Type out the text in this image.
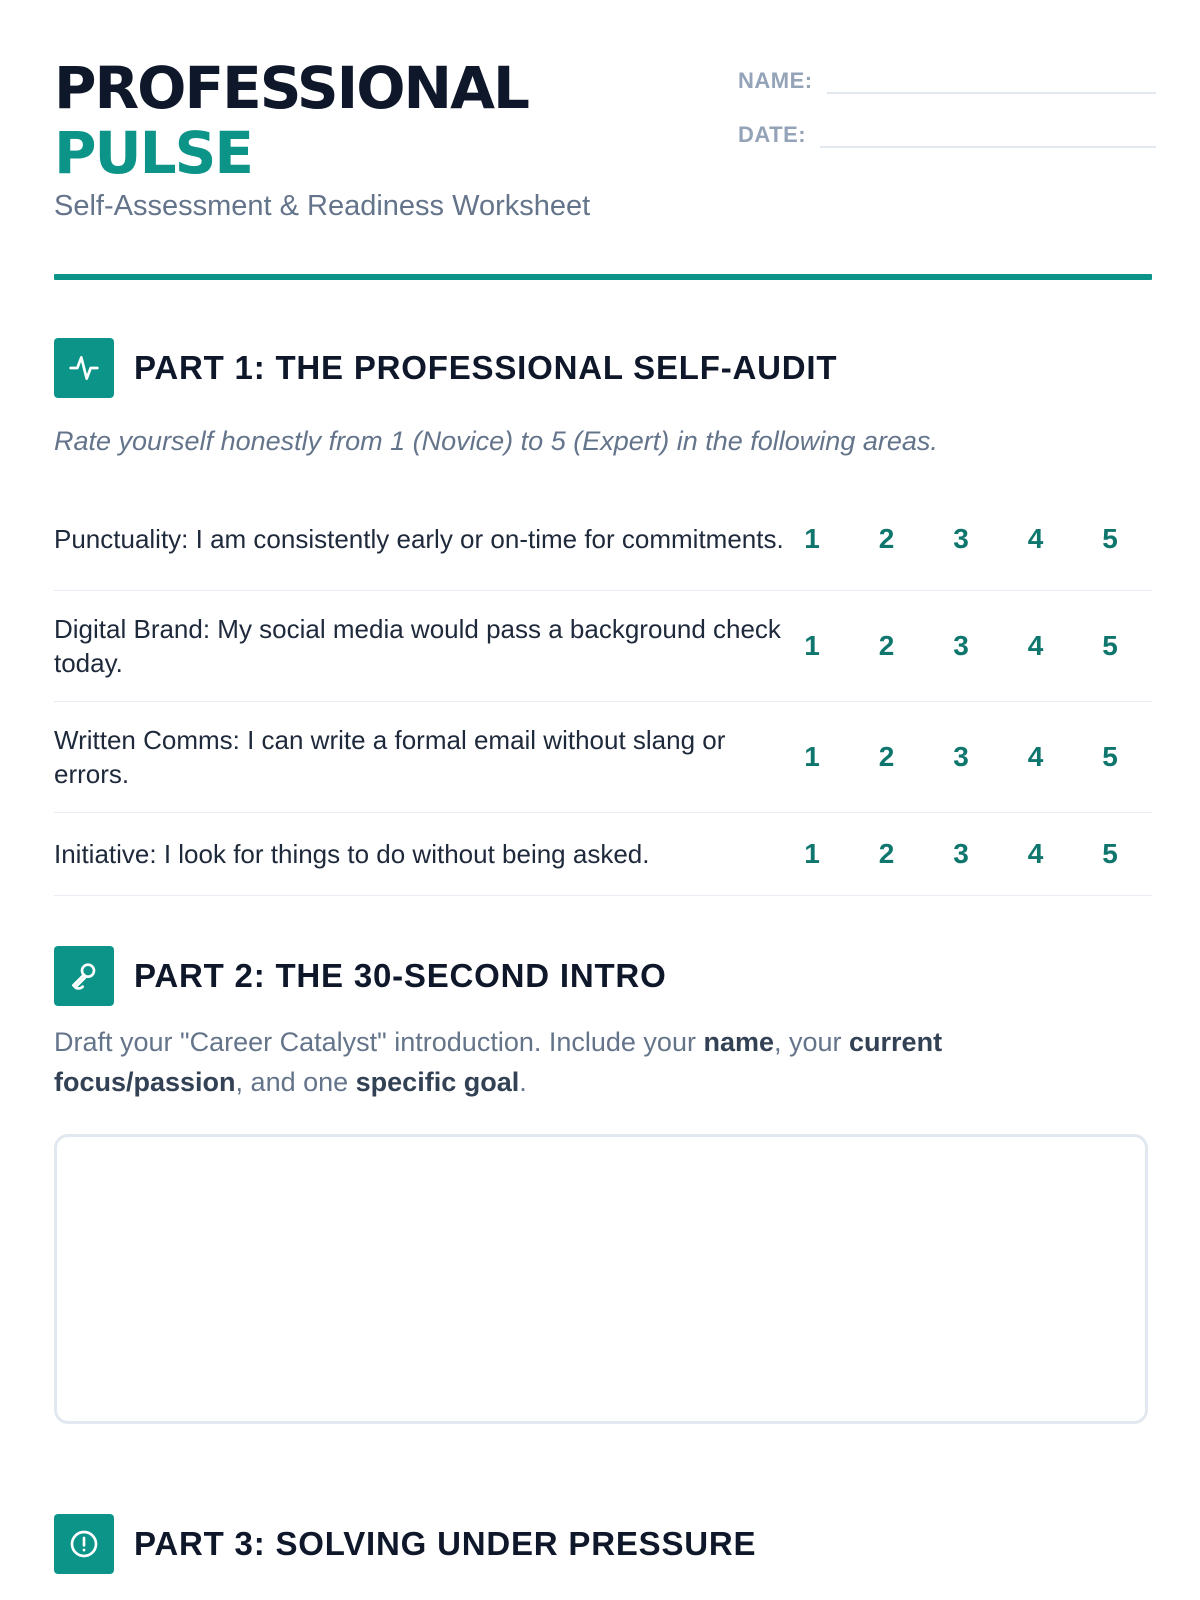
PROFESSIONAL
PULSE
Self-Assessment & Readiness Worksheet
NAME:
DATE:
PART 1: THE PROFESSIONAL SELF-AUDIT
Rate yourself honestly from 1 (Novice) to 5 (Expert) in the following areas.
Punctuality: I am consistently early or on-time for commitments. 1	2	3	4	5
Digital Brand: My social media would pass a background check today.
1	2	3	4	5
Written Comms: I can write a formal email without slang or errors.
1	2	3	4	5
Initiative: I look for things to do without being asked.	1	2	3	4	5
PART 2: THE 30-SECOND INTRO
Draft your "Career Catalyst" introduction. Include your name, your current focus/passion, and one specific goal.
PART 3: SOLVING UNDER PRESSURE
